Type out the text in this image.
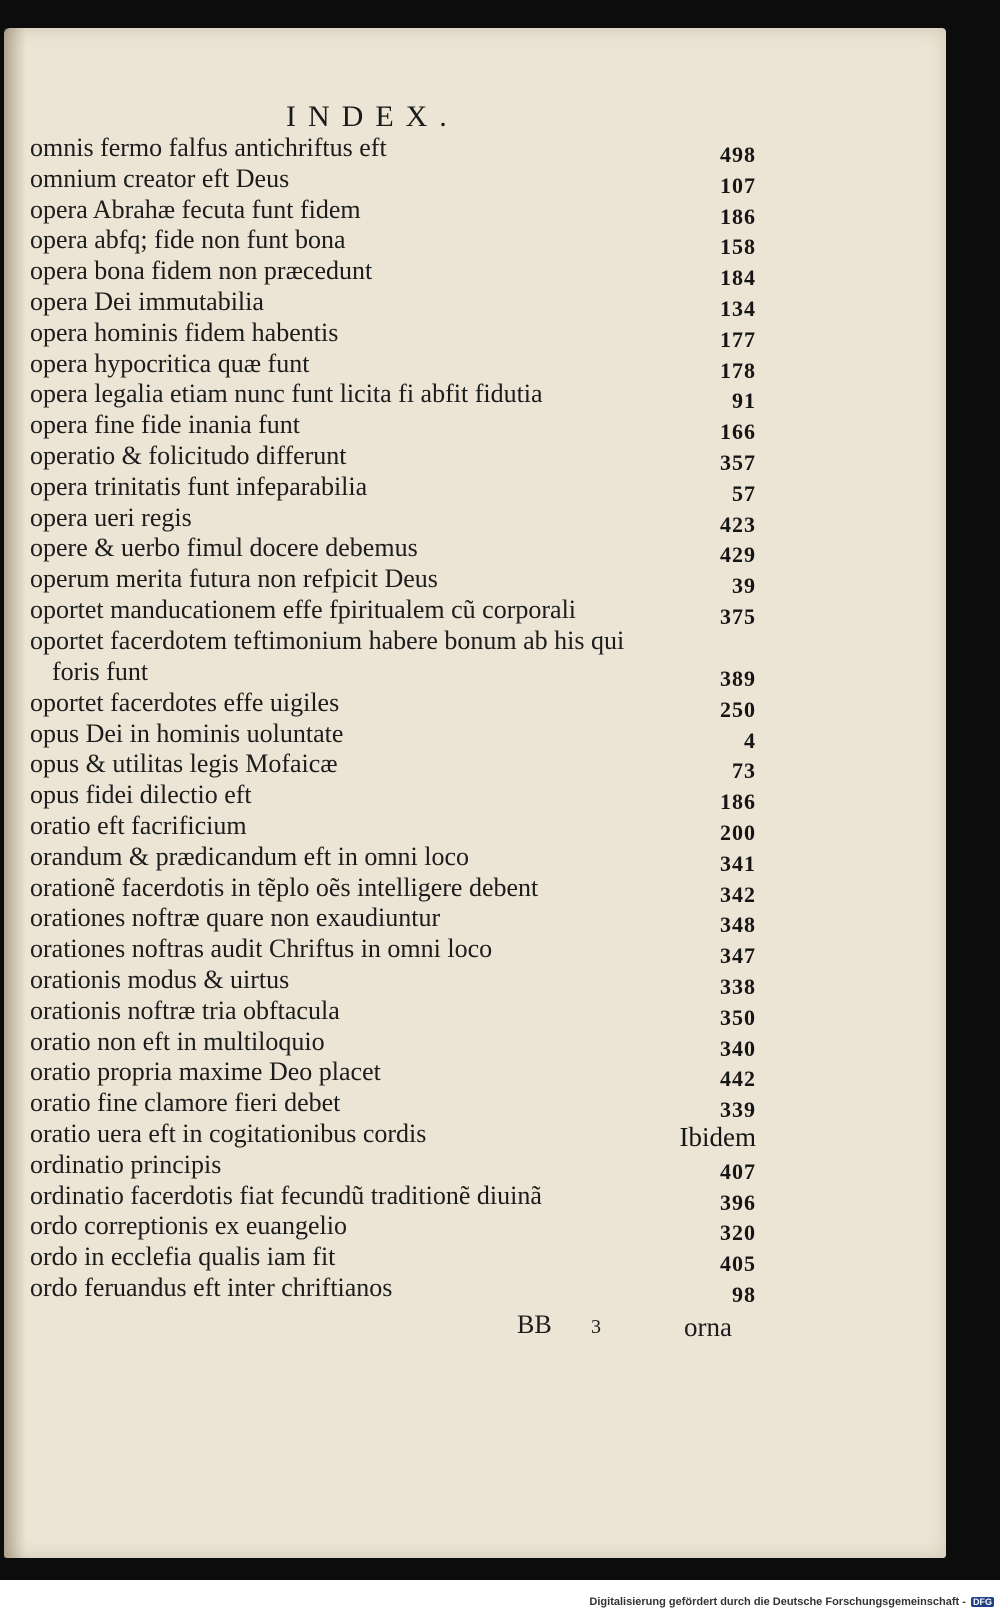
INDEX.
omnis fermo falfus antichriftus eft	498
omnium creator eft Deus	107
opera Abrahæ fecuta funt fidem	186
opera abfq; fide non funt bona	158
opera bona fidem non præcedunt	184
opera Dei immutabilia	134
opera hominis fidem habentis	177
opera hypocritica quæ funt	178
opera legalia etiam nunc funt licita fi abfit fidutia	91
opera fine fide inania funt	166
operatio & folicitudo differunt	357
opera trinitatis funt infeparabilia	57
opera ueri regis	423
opere & uerbo fimul docere debemus	429
operum merita futura non refpicit Deus	39
oportet manducationem effe fpiritualem cũ corporali	375
oportet facerdotem teftimonium habere bonum ab his qui
foris funt	389
oportet facerdotes effe uigiles	250
opus Dei in hominis uoluntate	4
opus & utilitas legis Mofaicæ	73
opus fidei dilectio eft	186
oratio eft facrificium	200
orandum & prædicandum eft in omni loco	341
orationẽ facerdotis in tẽplo oẽs intelligere debent	342
orationes noftræ quare non exaudiuntur	348
orationes noftras audit Chriftus in omni loco	347
orationis modus & uirtus	338
orationis noftræ tria obftacula	350
oratio non eft in multiloquio	340
oratio propria maxime Deo placet	442
oratio fine clamore fieri debet	339
oratio uera eft in cogitationibus cordis	Ibidem
ordinatio principis	407
ordinatio facerdotis fiat fecundũ traditionẽ diuinã	396
ordo correptionis ex euangelio	320
ordo in ecclefia qualis iam fit	405
ordo feruandus eft inter chriftianos	98
BB 3	orna
Digitalisierung gefördert durch die Deutsche Forschungsgemeinschaft - DFG
